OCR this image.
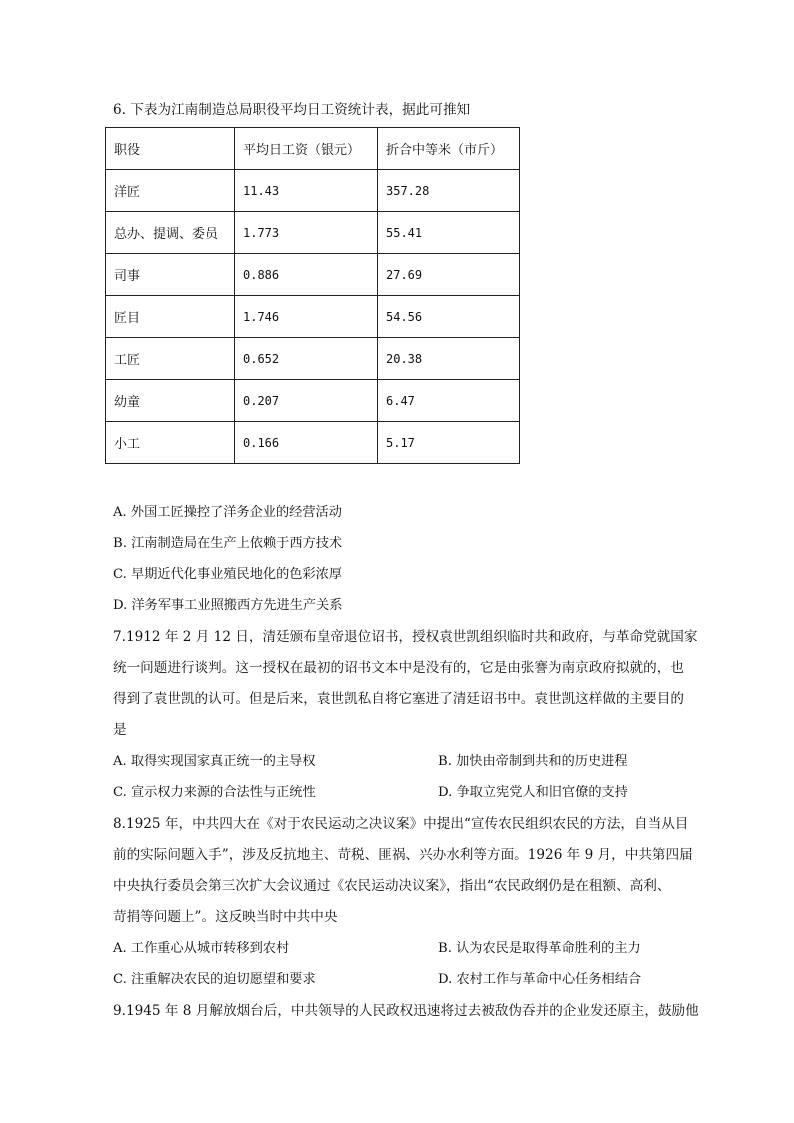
6. 下表为江南制造总局职役平均日工资统计表，据此可推知
职役	平均日工资（银元）	折合中等米（市斤）
洋匠	11.43	357.28
总办、提调、委员	1.773	55.41
司事	0.886	27.69
匠目	1.746	54.56
工匠	0.652	20.38
幼童	0.207	6.47
小工	0.166	5.17
A. 外国工匠操控了洋务企业的经营活动
B. 江南制造局在生产上依赖于西方技术
C. 早期近代化事业殖民地化的色彩浓厚
D. 洋务军事工业照搬西方先进生产关系
7.1912 年 2 月 12 日，清廷颁布皇帝退位诏书，授权袁世凯组织临时共和政府，与革命党就国家
统一问题进行谈判。这一授权在最初的诏书文本中是没有的，它是由张謇为南京政府拟就的，也
得到了袁世凯的认可。但是后来，袁世凯私自将它塞进了清廷诏书中。袁世凯这样做的主要目的
是
A. 取得实现国家真正统一的主导权	B. 加快由帝制到共和的历史进程
C. 宣示权力来源的合法性与正统性	D. 争取立宪党人和旧官僚的支持
8.1925 年，中共四大在《对于农民运动之决议案》中提出“宣传农民组织农民的方法，自当从目
前的实际问题入手”，涉及反抗地主、苛税、匪祸、兴办水利等方面。1926 年 9 月，中共第四届
中央执行委员会第三次扩大会议通过《农民运动决议案》，指出“农民政纲仍是在租额、高利、
苛捐等问题上”。这反映当时中共中央
A. 工作重心从城市转移到农村	B. 认为农民是取得革命胜利的主力
C. 注重解决农民的迫切愿望和要求	D. 农村工作与革命中心任务相结合
9.1945 年 8 月解放烟台后，中共领导的人民政权迅速将过去被敌伪吞并的企业发还原主，鼓励他
